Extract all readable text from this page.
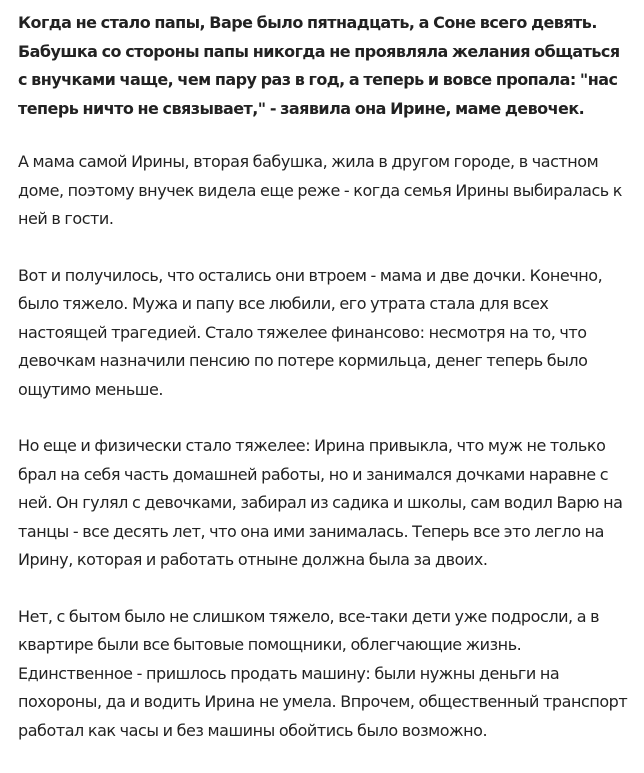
Когда не стало папы, Варе было пятнадцать, а Соне всего девять. Бабушка со стороны папы никогда не проявляла желания общаться с внучками чаще, чем пару раз в год, а теперь и вовсе пропала: "нас теперь ничто не связывает," - заявила она Ирине, маме девочек.

А мама самой Ирины, вторая бабушка, жила в другом городе, в частном доме, поэтому внучек видела еще реже - когда семья Ирины выбиралась к ней в гости.

Вот и получилось, что остались они втроем - мама и две дочки. Конечно, было тяжело. Мужа и папу все любили, его утрата стала для всех настоящей трагедией. Стало тяжелее финансово: несмотря на то, что девочкам назначили пенсию по потере кормильца, денег теперь было ощутимо меньше.

Но еще и физически стало тяжелее: Ирина привыкла, что муж не только брал на себя часть домашней работы, но и занимался дочками наравне с ней. Он гулял с девочками, забирал из садика и школы, сам водил Варю на танцы - все десять лет, что она ими занималась. Теперь все это легло на Ирину, которая и работать отныне должна была за двоих.

Нет, с бытом было не слишком тяжело, все-таки дети уже подросли, а в квартире были все бытовые помощники, облегчающие жизнь. Единственное - пришлось продать машину: были нужны деньги на похороны, да и водить Ирина не умела. Впрочем, общественный транспорт работал как часы и без машины обойтись было возможно.
